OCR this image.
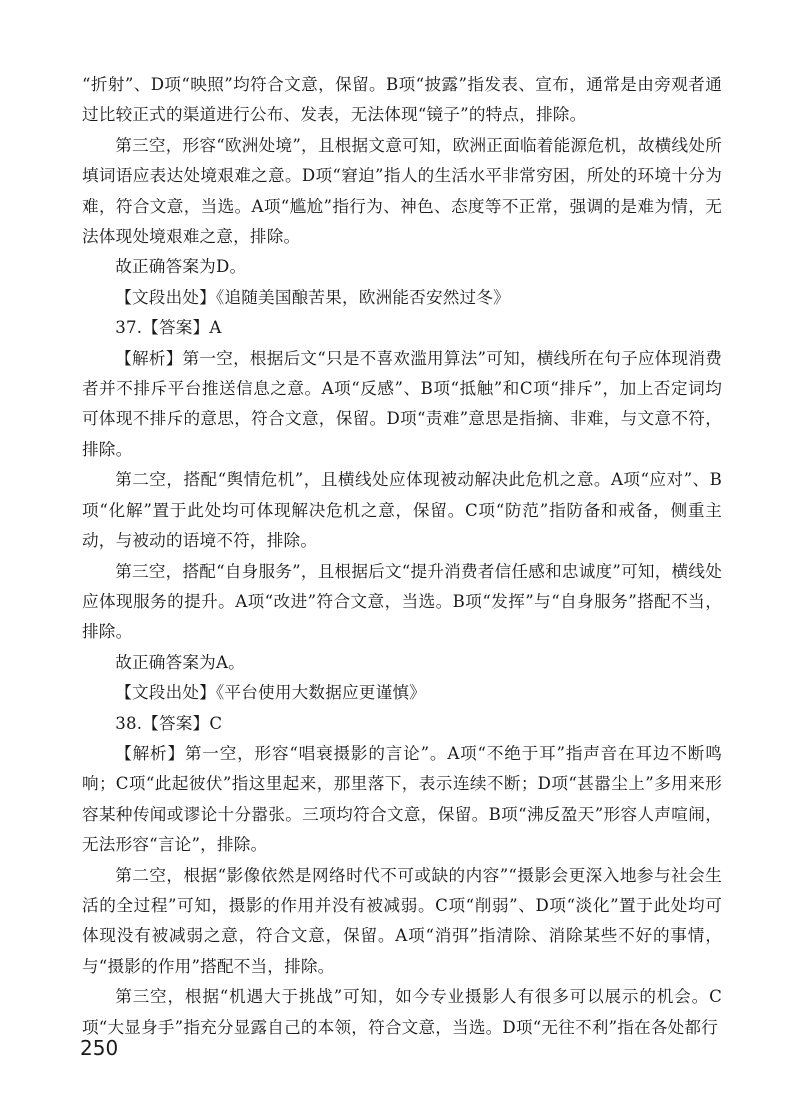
“折射”、D项“映照”均符合文意，保留。B项“披露”指发表、宣布，通常是由旁观者通过比较正式的渠道进行公布、发表，无法体现“镜子”的特点，排除。

第三空，形容“欧洲处境”，且根据文意可知，欧洲正面临着能源危机，故横线处所填词语应表达处境艰难之意。D项“窘迫”指人的生活水平非常穷困，所处的环境十分为难，符合文意，当选。A项“尴尬”指行为、神色、态度等不正常，强调的是难为情，无法体现处境艰难之意，排除。

故正确答案为D。

【文段出处】《追随美国酿苦果，欧洲能否安然过冬》

37.【答案】A

【解析】第一空，根据后文“只是不喜欢滥用算法”可知，横线所在句子应体现消费者并不排斥平台推送信息之意。A项“反感”、B项“抵触”和C项“排斥”，加上否定词均可体现不排斥的意思，符合文意，保留。D项“责难”意思是指摘、非难，与文意不符，排除。

第二空，搭配“舆情危机”，且横线处应体现被动解决此危机之意。A项“应对”、B项“化解”置于此处均可体现解决危机之意，保留。C项“防范”指防备和戒备，侧重主动，与被动的语境不符，排除。

第三空，搭配“自身服务”，且根据后文“提升消费者信任感和忠诚度”可知，横线处应体现服务的提升。A项“改进”符合文意，当选。B项“发挥”与“自身服务”搭配不当，排除。

故正确答案为A。

【文段出处】《平台使用大数据应更谨慎》

38.【答案】C

【解析】第一空，形容“唱衰摄影的言论”。A项“不绝于耳”指声音在耳边不断鸣响；C项“此起彼伏”指这里起来，那里落下，表示连续不断；D项“甚嚣尘上”多用来形容某种传闻或谬论十分嚣张。三项均符合文意，保留。B项“沸反盈天”形容人声喧闹，无法形容“言论”，排除。

第二空，根据“影像依然是网络时代不可或缺的内容”“摄影会更深入地参与社会生活的全过程”可知，摄影的作用并没有被减弱。C项“削弱”、D项“淡化”置于此处均可体现没有被减弱之意，符合文意，保留。A项“消弭”指清除、消除某些不好的事情，与“摄影的作用”搭配不当，排除。

第三空，根据“机遇大于挑战”可知，如今专业摄影人有很多可以展示的机会。C项“大显身手”指充分显露自己的本领，符合文意，当选。D项“无往不利”指在各处都行

250
